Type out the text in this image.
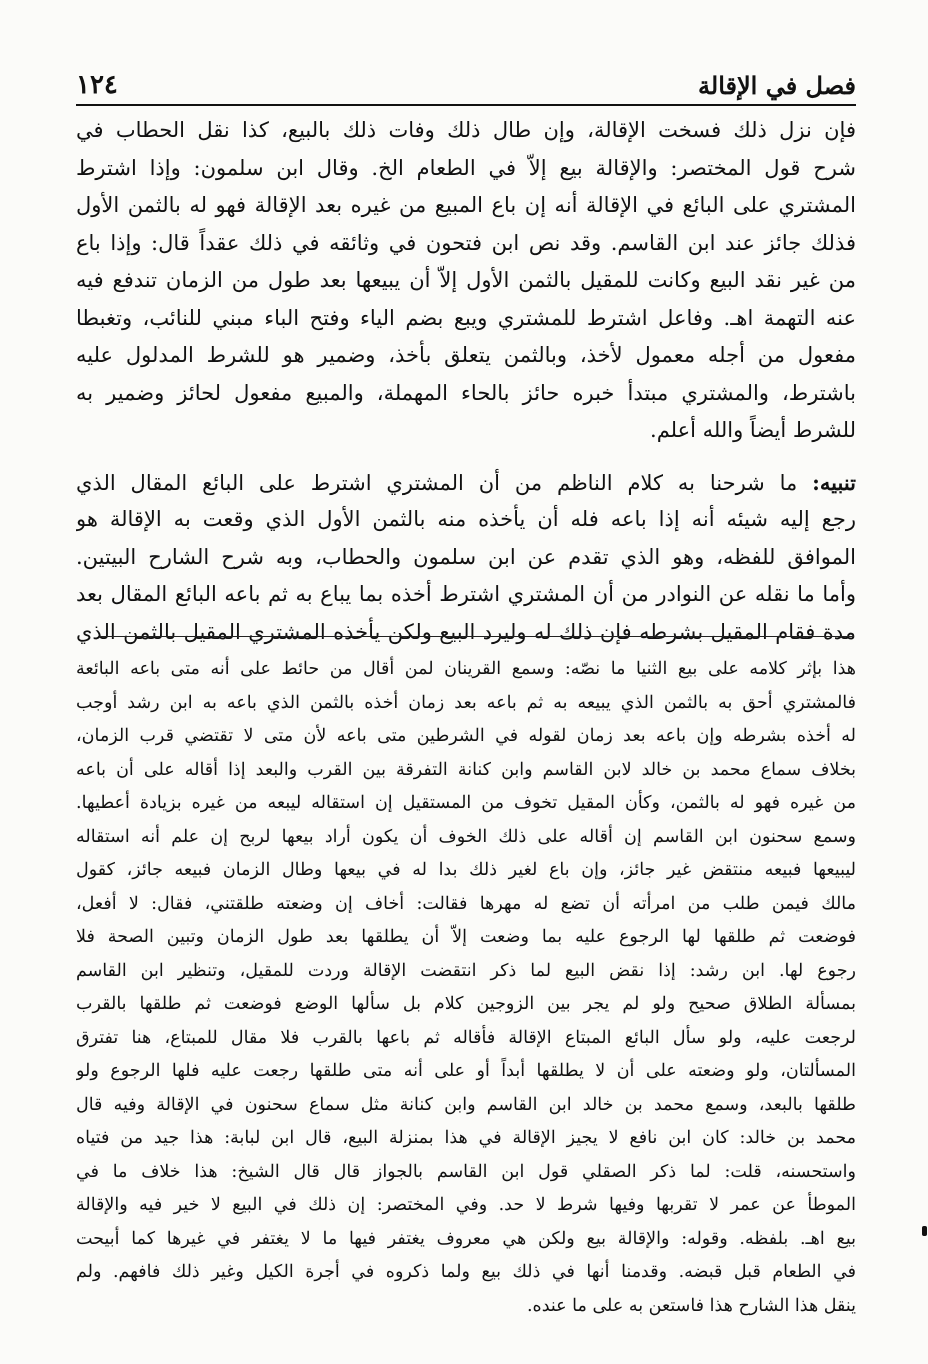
فصل في الإقالة
١٢٤
فإن نزل ذلك فسخت الإقالة، وإن طال ذلك وفات ذلك بالبيع، كذا نقل الحطاب في
شرح قول المختصر: والإقالة بيع إلاّ في الطعام الخ. وقال ابن سلمون: وإذا اشترط
المشتري على البائع في الإقالة أنه إن باع المبيع من غيره بعد الإقالة فهو له بالثمن الأول
فذلك جائز عند ابن القاسم. وقد نص ابن فتحون في وثائقه في ذلك عقداً قال: وإذا باع
من غير نقد البيع وكانت للمقيل بالثمن الأول إلاّ أن يبيعها بعد طول من الزمان تندفع فيه
عنه التهمة اهـ. وفاعل اشترط للمشتري ويبع بضم الياء وفتح الباء مبني للنائب، وتغبطا
مفعول من أجله معمول لأخذ، وبالثمن يتعلق بأخذ، وضمير هو للشرط المدلول عليه
باشترط، والمشتري مبتدأ خبره حائز بالحاء المهملة، والمبيع مفعول لحائز وضمير به
للشرط أيضاً والله أعلم.
تنبيه: ما شرحنا به كلام الناظم من أن المشتري اشترط على البائع المقال الذي
رجع إليه شيئه أنه إذا باعه فله أن يأخذه منه بالثمن الأول الذي وقعت به الإقالة هو
الموافق للفظه، وهو الذي تقدم عن ابن سلمون والحطاب، وبه شرح الشارح البيتين.
وأما ما نقله عن النوادر من أن المشتري اشترط أخذه بما يباع به ثم باعه البائع المقال بعد
مدة فقام المقيل بشرطه فإن ذلك له وليرد البيع ولكن يأخذه المشتري المقيل بالثمن الذي
هذا بإثر كلامه على بيع الثنيا ما نصّه: وسمع القرينان لمن أقال من حائط على أنه متى باعه البائعة
فالمشتري أحق به بالثمن الذي يبيعه به ثم باعه بعد زمان أخذه بالثمن الذي باعه به ابن رشد أوجب
له أخذه بشرطه وإن باعه بعد زمان لقوله في الشرطين متى باعه لأن متى لا تقتضي قرب الزمان،
بخلاف سماع محمد بن خالد لابن القاسم وابن كنانة التفرقة بين القرب والبعد إذا أقاله على أن باعه
من غيره فهو له بالثمن، وكأن المقيل تخوف من المستقيل إن استقاله ليبعه من غيره بزيادة أعطيها.
وسمع سحنون ابن القاسم إن أقاله على ذلك الخوف أن يكون أراد بيعها لربح إن علم أنه استقاله
ليبيعها فبيعه منتقض غير جائز، وإن باع لغير ذلك بدا له في بيعها وطال الزمان فبيعه جائز، كقول
مالك فيمن طلب من امرأته أن تضع له مهرها فقالت: أخاف إن وضعته طلقتني، فقال: لا أفعل،
فوضعت ثم طلقها لها الرجوع عليه بما وضعت إلاّ أن يطلقها بعد طول الزمان وتبين الصحة فلا
رجوع لها. ابن رشد: إذا نقض البيع لما ذكر انتقضت الإقالة وردت للمقيل، وتنظير ابن القاسم
بمسألة الطلاق صحيح ولو لم يجر بين الزوجين كلام بل سألها الوضع فوضعت ثم طلقها بالقرب
لرجعت عليه، ولو سأل البائع المبتاع الإقالة فأقاله ثم باعها بالقرب فلا مقال للمبتاع، هنا تفترق
المسألتان، ولو وضعته على أن لا يطلقها أبداً أو على أنه متى طلقها رجعت عليه فلها الرجوع ولو
طلقها بالبعد، وسمع محمد بن خالد ابن القاسم وابن كنانة مثل سماع سحنون في الإقالة وفيه قال
محمد بن خالد: كان ابن نافع لا يجيز الإقالة في هذا بمنزلة البيع، قال ابن لبابة: هذا جيد من فتياه
واستحسنه، قلت: لما ذكر الصقلي قول ابن القاسم بالجواز قال قال الشيخ: هذا خلاف ما في
الموطأ عن عمر لا تقربها وفيها شرط لا حد. وفي المختصر: إن ذلك في البيع لا خير فيه والإقالة
بيع اهـ. بلفظه. وقوله: والإقالة بيع ولكن هي معروف يغتفر فيها ما لا يغتفر في غيرها كما أبيحت
في الطعام قبل قبضه. وقدمنا أنها في ذلك بيع ولما ذكروه في أجرة الكيل وغير ذلك فافهم. ولم
ينقل هذا الشارح هذا فاستعن به على ما عنده.
